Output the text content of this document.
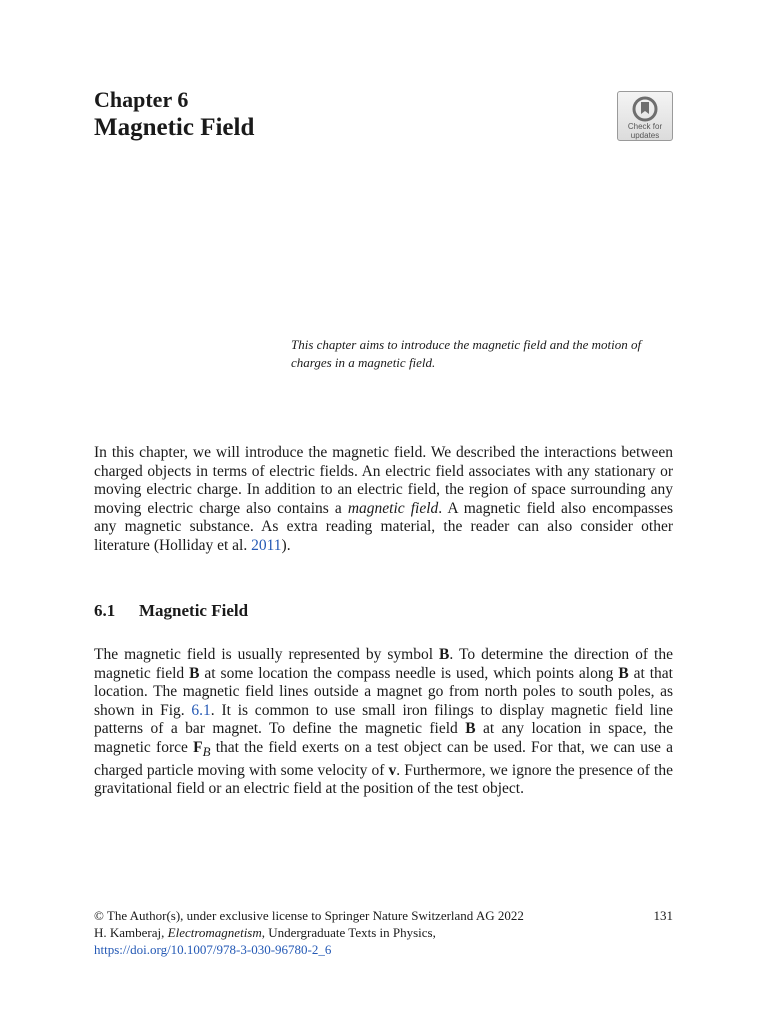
Chapter 6
Magnetic Field	Check for
updates
This chapter aims to introduce the magnetic field and the motion of charges in a magnetic field.
In this chapter, we will introduce the magnetic field. We described the interactions between charged objects in terms of electric fields. An electric field associates with any stationary or moving electric charge. In addition to an electric field, the region of space surrounding any moving electric charge also contains a magnetic field. A magnetic field also encompasses any magnetic substance. As extra reading material, the reader can also consider other literature (Holliday et al. 2011).
6.1 Magnetic Field
The magnetic field is usually represented by symbol B. To determine the direction of the magnetic field B at some location the compass needle is used, which points along B at that location. The magnetic field lines outside a magnet go from north poles to south poles, as shown in Fig. 6.1. It is common to use small iron filings to display magnetic field line patterns of a bar magnet. To define the magnetic field B at any location in space, the magnetic force $F_B$ that the field exerts on a test object can be used. For that, we can use a charged particle moving with some velocity of v. Furthermore, we ignore the presence of the gravitational field or an electric field at the position of the test object.
© The Author(s), under exclusive license to Springer Nature Switzerland AG 2022	131
H. Kamberaj, Electromagnetism, Undergraduate Texts in Physics,
https://doi.org/10.1007/978-3-030-96780-2_6
